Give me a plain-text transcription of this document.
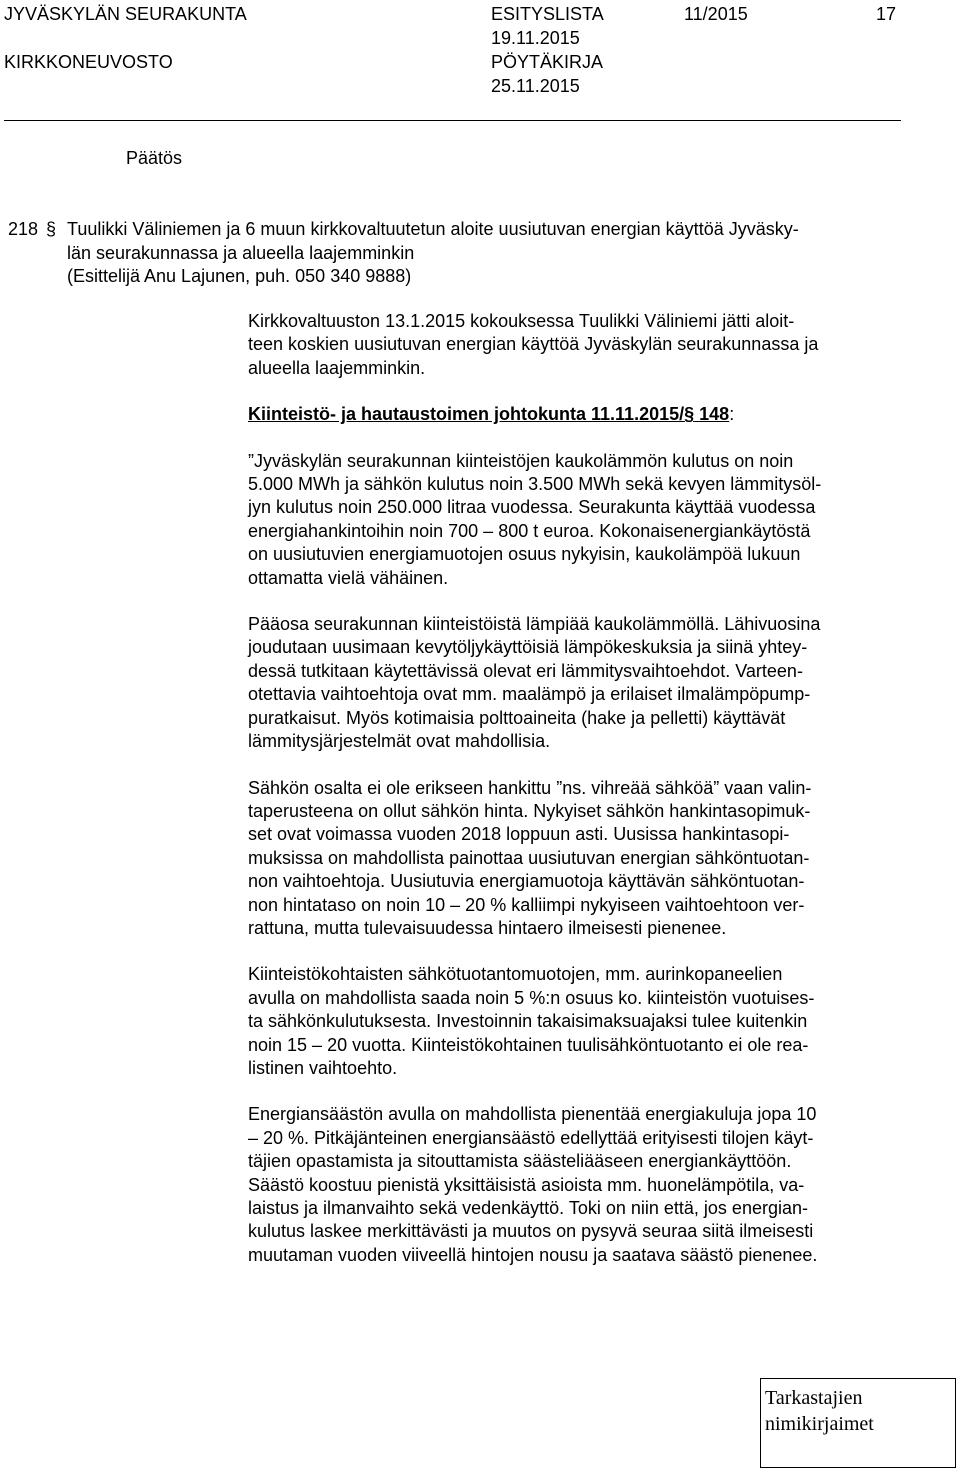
JYVÄSKYLÄN SEURAKUNTA
KIRKKONEUVOSTO
ESITYSLISTA
19.11.2015
PÖYTÄKIRJA
25.11.2015
11/2015	17
Päätös
218 § Tuulikki Väliniemen ja 6 muun kirkkovaltuutetun aloite uusiutuvan energian käyttöä Jyväsky-
län seurakunnassa ja alueella laajemminkin
(Esittelijä Anu Lajunen, puh. 050 340 9888)

Kirkkovaltuuston 13.1.2015 kokouksessa Tuulikki Väliniemi jätti aloit-
teen koskien uusiutuvan energian käyttöä Jyväskylän seurakunnassa ja
alueella laajemminkin.

Kiinteistö- ja hautaustoimen johtokunta 11.11.2015/§ 148:

”Jyväskylän seurakunnan kiinteistöjen kaukolämmön kulutus on noin
5.000 MWh ja sähkön kulutus noin 3.500 MWh sekä kevyen lämmitysöl-
jyn kulutus noin 250.000 litraa vuodessa. Seurakunta käyttää vuodessa
energiahankintoihin noin 700 – 800 t euroa. Kokonaisenergiankäytöstä
on uusiutuvien energiamuotojen osuus nykyisin, kaukolämpöä lukuun
ottamatta vielä vähäinen.

Pääosa seurakunnan kiinteistöistä lämpiää kaukolämmöllä. Lähivuosina
joudutaan uusimaan kevytöljykäyttöisiä lämpökeskuksia ja siinä yhtey-
dessä tutkitaan käytettävissä olevat eri lämmitysvaihtoehdot. Varteen-
otettavia vaihtoehtoja ovat mm. maalämpö ja erilaiset ilmalämpöpump-
puratkaisut. Myös kotimaisia polttoaineita (hake ja pelletti) käyttävät
lämmitysjärjestelmät ovat mahdollisia.

Sähkön osalta ei ole erikseen hankittu ”ns. vihreää sähköä” vaan valin-
taperusteena on ollut sähkön hinta. Nykyiset sähkön hankintasopimuk-
set ovat voimassa vuoden 2018 loppuun asti. Uusissa hankintasopi-
muksissa on mahdollista painottaa uusiutuvan energian sähköntuotan-
non vaihtoehtoja. Uusiutuvia energiamuotoja käyttävän sähköntuotan-
non hintataso on noin 10 – 20 % kalliimpi nykyiseen vaihtoehtoon ver-
rattuna, mutta tulevaisuudessa hintaero ilmeisesti pienenee.

Kiinteistökohtaisten sähkötuotantomuotojen, mm. aurinkopaneelien
avulla on mahdollista saada noin 5 %:n osuus ko. kiinteistön vuotuises-
ta sähkönkulutuksesta. Investoinnin takaisimaksuajaksi tulee kuitenkin
noin 15 – 20 vuotta. Kiinteistökohtainen tuulisähköntuotanto ei ole rea-
listinen vaihtoehto.

Energiansäästön avulla on mahdollista pienentää energiakuluja jopa 10
– 20 %. Pitkäjänteinen energiansäästö edellyttää erityisesti tilojen käyt-
täjien opastamista ja sitouttamista säästeliääseen energiankäyttöön.
Säästö koostuu pienistä yksittäisistä asioista mm. huonelämpötila, va-
laistus ja ilmanvaihto sekä vedenkäyttö. Toki on niin että, jos energian-
kulutus laskee merkittävästi ja muutos on pysyvä seuraa siitä ilmeisesti
muutaman vuoden viiveellä hintojen nousu ja saatava säästö pienenee.

Tarkastajien
nimikirjaimet
